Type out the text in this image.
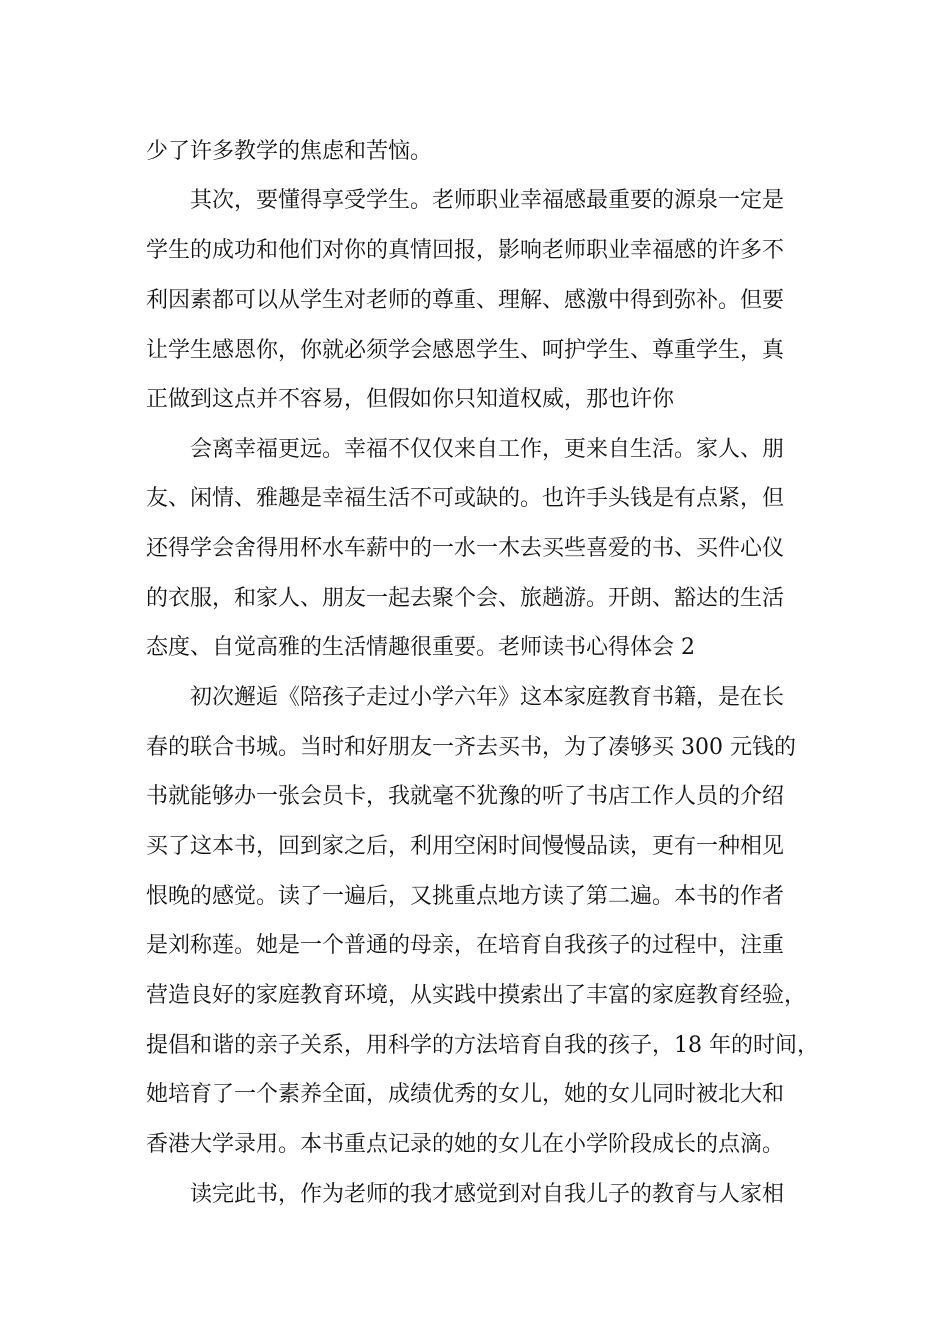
少了许多教学的焦虑和苦恼。

其次，要懂得享受学生。老师职业幸福感最重要的源泉一定是

学生的成功和他们对你的真情回报，影响老师职业幸福感的许多不

利因素都可以从学生对老师的尊重、理解、感激中得到弥补。但要

让学生感恩你，你就必须学会感恩学生、呵护学生、尊重学生，真

正做到这点并不容易，但假如你只知道权威，那也许你

会离幸福更远。幸福不仅仅来自工作，更来自生活。家人、朋

友、闲情、雅趣是幸福生活不可或缺的。也许手头钱是有点紧，但

还得学会舍得用杯水车薪中的一水一木去买些喜爱的书、买件心仪

的衣服，和家人、朋友一起去聚个会、旅趟游。开朗、豁达的生活

态度、自觉高雅的生活情趣很重要。老师读书心得体会 2

初次邂逅《陪孩子走过小学六年》这本家庭教育书籍，是在长

春的联合书城。当时和好朋友一齐去买书，为了凑够买 300 元钱的

书就能够办一张会员卡，我就毫不犹豫的听了书店工作人员的介绍

买了这本书，回到家之后，利用空闲时间慢慢品读，更有一种相见

恨晚的感觉。读了一遍后，又挑重点地方读了第二遍。本书的作者

是刘称莲。她是一个普通的母亲，在培育自我孩子的过程中，注重

营造良好的家庭教育环境，从实践中摸索出了丰富的家庭教育经验，

提倡和谐的亲子关系，用科学的方法培育自我的孩子，18 年的时间，

她培育了一个素养全面，成绩优秀的女儿，她的女儿同时被北大和

香港大学录用。本书重点记录的她的女儿在小学阶段成长的点滴。

读完此书，作为老师的我才感觉到对自我儿子的教育与人家相
